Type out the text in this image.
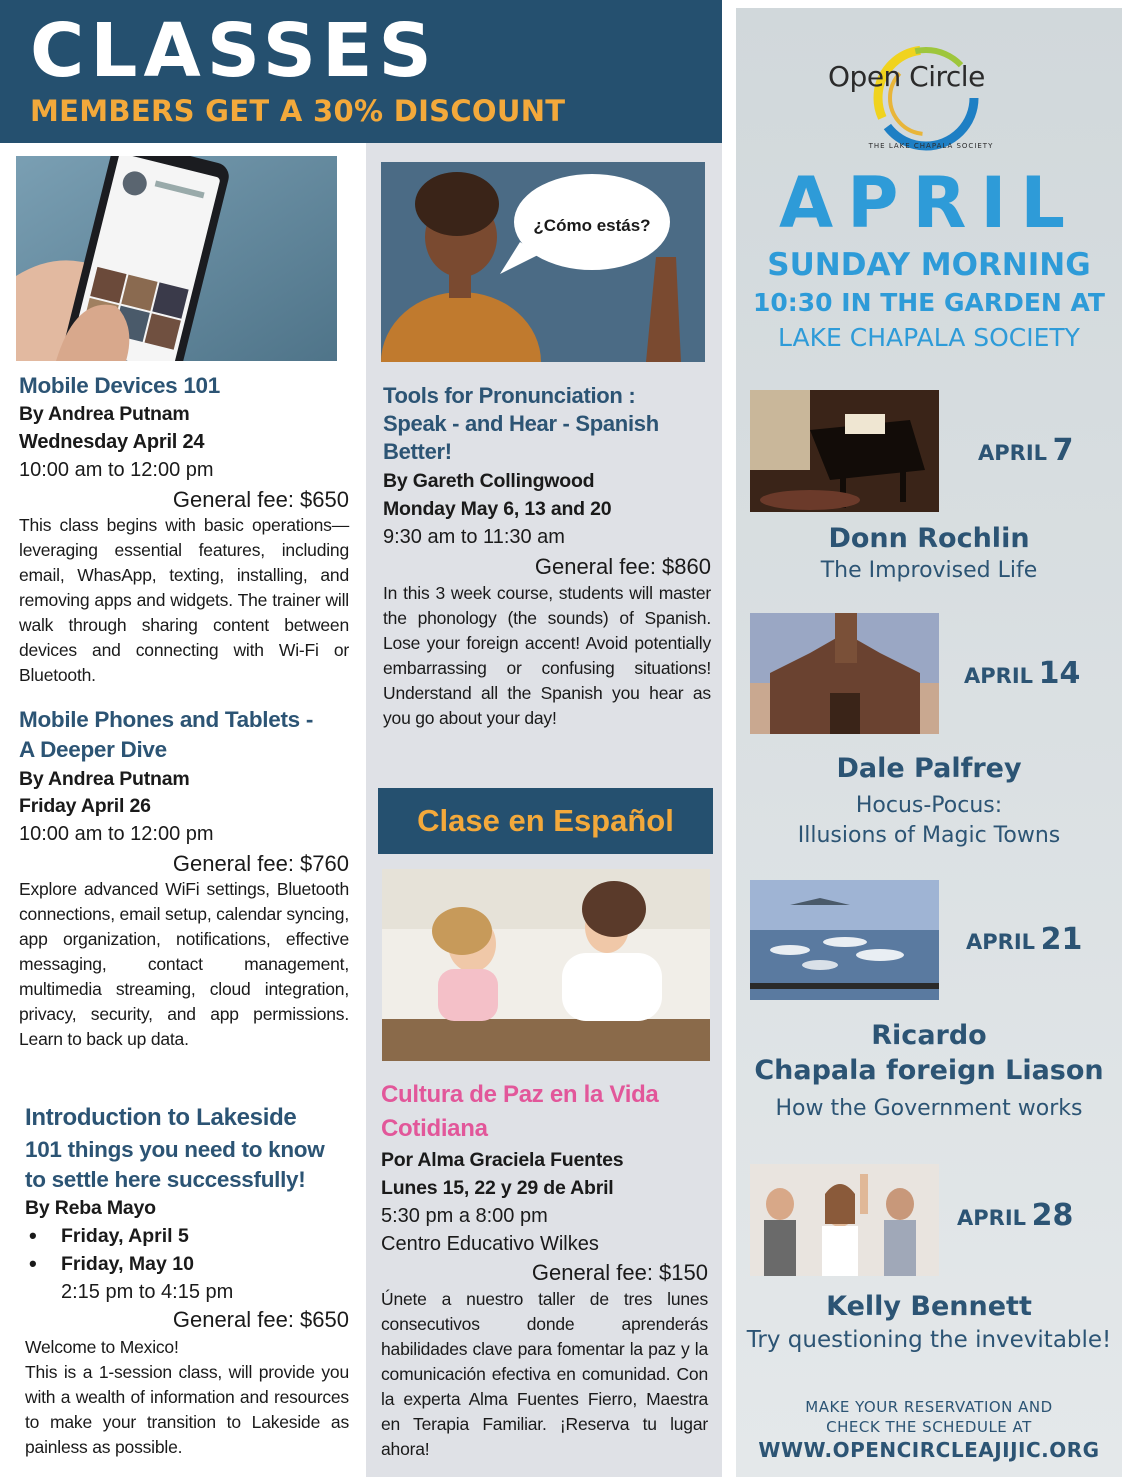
CLASSES
MEMBERS GET A 30% DISCOUNT
Mobile Devices 101
By Andrea Putnam
Wednesday April 24
10:00 am to 12:00 pm
General fee: $650
This class begins with basic operations— leveraging essential features, including email, WhasApp, texting, installing, and removing apps and widgets. The trainer will walk through sharing content between devices and connecting with Wi-Fi or Bluetooth.
Mobile Phones and Tablets -
A Deeper Dive
By Andrea Putnam
Friday April 26
10:00 am to 12:00 pm
General fee: $760
Explore advanced WiFi settings, Bluetooth connections, email setup, calendar syncing, app organization, notifications, effective messaging, contact management, multimedia streaming, cloud integration, privacy, security, and app permissions. Learn to back up data.
Introduction to Lakeside
101 things you need to know
to settle here successfully!
By Reba Mayo
• Friday, April 5
• Friday, May 10
2:15 pm to 4:15 pm
General fee: $650
Welcome to Mexico!
This is a 1-session class, will provide you with a wealth of information and resources to make your transition to Lakeside as painless as possible.
¿Cómo estás?
Tools for Pronunciation :
Speak - and Hear - Spanish
Better!
By Gareth Collingwood
Monday May 6, 13 and 20
9:30 am to 11:30 am
General fee: $860
In this 3 week course, students will master the phonology (the sounds) of Spanish. Lose your foreign accent! Avoid potentially embarrassing or confusing situations! Understand all the Spanish you hear as you go about your day!
Clase en Español
Cultura de Paz en la Vida
Cotidiana
Por Alma Graciela Fuentes
Lunes 15, 22 y 29 de Abril
5:30 pm a 8:00 pm
Centro Educativo Wilkes
General fee: $150
Únete a nuestro taller de tres lunes consecutivos donde aprenderás habilidades clave para fomentar la paz y la comunicación efectiva en comunidad. Con la experta Alma Fuentes Fierro, Maestra en Terapia Familiar. ¡Reserva tu lugar ahora!
Open Circle
THE LAKE CHAPALA SOCIETY
APRIL
SUNDAY MORNING
10:30 IN THE GARDEN AT
LAKE CHAPALA SOCIETY
APRIL 7
Donn Rochlin
The Improvised Life
APRIL 14
Dale Palfrey
Hocus-Pocus:
Illusions of Magic Towns
APRIL 21
Ricardo
Chapala foreign Liason
How the Government works
APRIL 28
Kelly Bennett
Try questioning the invevitable!
MAKE YOUR RESERVATION AND
CHECK THE SCHEDULE AT
WWW.OPENCIRCLEAJIJIC.ORG
